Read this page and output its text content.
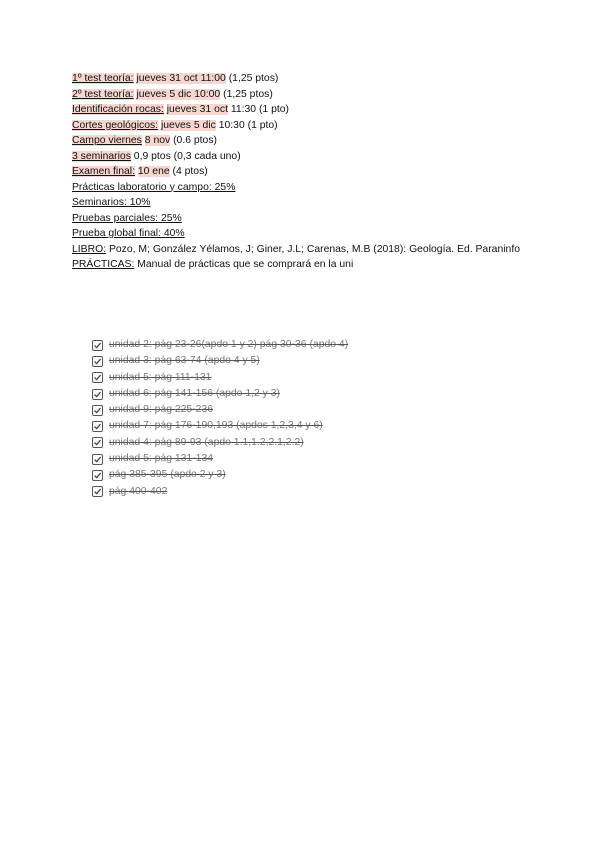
1º test teoría: jueves 31 oct 11:00 (1,25 ptos)
2º test teoría: jueves 5 dic 10:00 (1,25 ptos)
Identificación rocas: jueves 31 oct 11:30 (1 pto)
Cortes geológicos: jueves 5 dic 10:30 (1 pto)
Campo viernes 8 nov (0.6 ptos)
3 seminarios 0,9 ptos (0,3 cada uno)
Examen final: 10 ene (4 ptos)
Prácticas laboratorio y campo: 25%
Seminarios: 10%
Pruebas parciales: 25%
Prueba global final: 40%
LIBRO: Pozo, M; González Yélamos, J; Giner, J.L; Carenas, M.B (2018): Geología. Ed. Paraninfo
PRÁCTICAS: Manual de prácticas que se comprará en la uni
unidad 2: pág 23-26(apdo 1 y 2) pág 30-36 (apdo 4)
unidad 3: pág 63-74 (apdo 4 y 5)
unidad 5: pág 111-131
unidad 6: pág 141-156 (apdo 1,2 y 3)
unidad 9: pág 225-236
unidad 7: pág 176-190,193 (apdos 1,2,3,4 y 6)
unidad 4: pág 89-93 (apdo 1.1,1.2,2.1,2.2)
unidad 5: pág 131-134
pág 385-395 (apdo 2 y 3)
pág 400-402
